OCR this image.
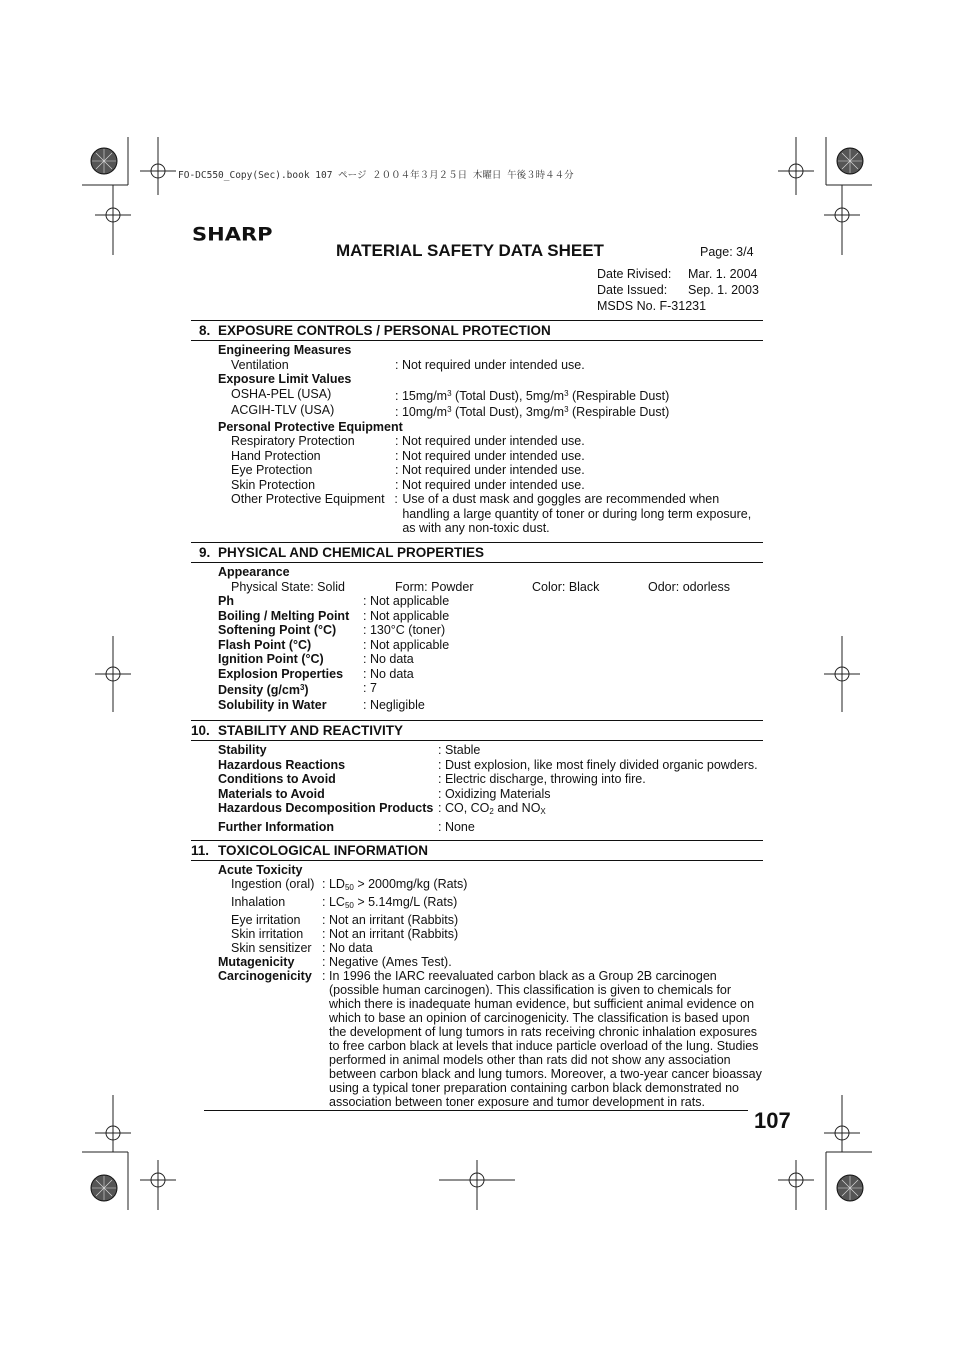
FO-DC550_Copy(Sec).book 107 ページ ２００４年３月２５日 木曜日 午後３時４４分
SHARP
MATERIAL SAFETY DATA SHEET	Page: 3/4
Date Rivised: Mar. 1. 2004
Date Issued: Sep. 1. 2003
MSDS No. F-31231
8. EXPOSURE CONTROLS / PERSONAL PROTECTION
Engineering Measures
Ventilation	: Not required under intended use.
Exposure Limit Values
OSHA-PEL (USA)	: $15mg/m^3$ (Total Dust), $5mg/m^3$ (Respirable Dust)
ACGIH-TLV (USA)	: $10mg/m^3$ (Total Dust), $3mg/m^3$ (Respirable Dust)
Personal Protective Equipment
Respiratory Protection	: Not required under intended use.
Hand Protection	: Not required under intended use.
Eye Protection	: Not required under intended use.
Skin Protection	: Not required under intended use.
Other Protective Equipment : Use of a dust mask and goggles are recommended when handling a large quantity of toner or during long term exposure, as with any non-toxic dust.
9. PHYSICAL AND CHEMICAL PROPERTIES
Appearance
Physical State: Solid	Form: Powder	Color: Black	Odor: odorless
Ph	: Not applicable
Boiling / Melting Point	: Not applicable
Softening Point (°C)	: 130°C (toner)
Flash Point (°C)	: Not applicable
Ignition Point (°C)	: No data
Explosion Properties	: No data
Density $(g/cm^3)$	: 7
Solubility in Water	: Negligible
10. STABILITY AND REACTIVITY
Stability	: Stable
Hazardous Reactions	: Dust explosion, like most finely divided organic powders.
Conditions to Avoid	: Electric discharge, throwing into fire.
Materials to Avoid	: Oxidizing Materials
Hazardous Decomposition Products : CO, $CO_2$ and $NO_X$
Further Information	: None
11. TOXICOLOGICAL INFORMATION
Acute Toxicity
Ingestion (oral) : $LD_{50} > 2000mg/kg$ (Rats)
Inhalation	: $LC_{50} > 5.14mg/L$ (Rats)
Eye irritation	: Not an irritant (Rabbits)
Skin irritation	: Not an irritant (Rabbits)
Skin sensitizer : No data
Mutagenicity	: Negative (Ames Test).
Carcinogenicity : In 1996 the IARC reevaluated carbon black as a Group 2B carcinogen (possible human carcinogen). This classification is given to chemicals for which there is inadequate human evidence, but sufficient animal evidence on which to base an opinion of carcinogenicity. The classification is based upon the development of lung tumors in rats receiving chronic inhalation exposures to free carbon black at levels that induce particle overload of the lung. Studies performed in animal models other than rats did not show any association between carbon black and lung tumors. Moreover, a two-year cancer bioassay using a typical toner preparation containing carbon black demonstrated no association between toner exposure and tumor development in rats.
107
